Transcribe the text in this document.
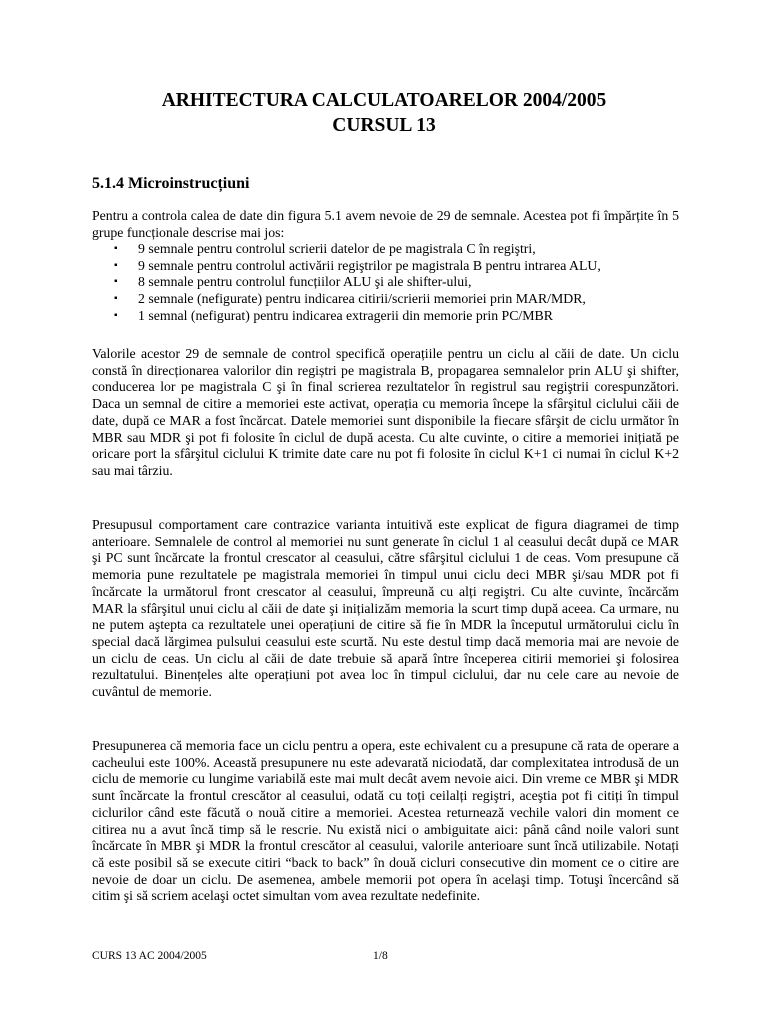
ARHITECTURA CALCULATOARELOR 2004/2005
CURSUL 13
5.1.4 Microinstrucțiuni

Pentru a controla calea de date din figura 5.1 avem nevoie de 29 de semnale. Acestea pot fi împărțite în 5 grupe funcționale descrise mai jos:

▪ 9 semnale pentru controlul scrierii datelor de pe magistrala C în regiştri,
▪ 9 semnale pentru controlul activării regiştrilor pe magistrala B pentru intrarea ALU,
▪ 8 semnale pentru controlul funcțiilor ALU şi ale shifter-ului,
▪ 2 semnale (nefigurate) pentru indicarea citirii/scrierii memoriei prin MAR/MDR,
▪ 1 semnal (nefigurat) pentru indicarea extragerii din memorie prin PC/MBR

Valorile acestor 29 de semnale de control specifică operațiile pentru un ciclu al căii de date. Un ciclu constă în direcționarea valorilor din regiștri pe magistrala B, propagarea semnalelor prin ALU şi shifter, conducerea lor pe magistrala C şi în final scrierea rezultatelor în registrul sau regiştrii corespunzători. Daca un semnal de citire a memoriei este activat, operația cu memoria începe la sfârşitul ciclului căii de date, după ce MAR a fost încărcat. Datele memoriei sunt disponibile la fiecare sfârşit de ciclu următor în MBR sau MDR şi pot fi folosite în ciclul de după acesta. Cu alte cuvinte, o citire a memoriei inițiată pe oricare port la sfârşitul ciclului K trimite date care nu pot fi folosite în ciclul K+1 ci numai în ciclul K+2 sau mai târziu.

Presupusul comportament care contrazice varianta intuitivă este explicat de figura diagramei de timp anterioare. Semnalele de control al memoriei nu sunt generate în ciclul 1 al ceasului decât după ce MAR şi PC sunt încărcate la frontul crescator al ceasului, către sfârşitul ciclului 1 de ceas. Vom presupune că memoria pune rezultatele pe magistrala memoriei în timpul unui ciclu deci MBR şi/sau MDR pot fi încărcate la următorul front crescator al ceasului, împreună cu alți regiştri. Cu alte cuvinte, încărcăm MAR la sfârşitul unui ciclu al căii de date şi inițializăm memoria la scurt timp după aceea. Ca urmare, nu ne putem aştepta ca rezultatele unei operațiuni de citire să fie în MDR la începutul următorului ciclu în special dacă lărgimea pulsului ceasului este scurtă. Nu este destul timp dacă memoria mai are nevoie de un ciclu de ceas. Un ciclu al căii de date trebuie să apară între începerea citirii memoriei şi folosirea rezultatului. Binențeles alte operațiuni pot avea loc în timpul ciclului, dar nu cele care au nevoie de cuvântul de memorie.

Presupunerea că memoria face un ciclu pentru a opera, este echivalent cu a presupune că rata de operare a cacheului este 100%. Această presupunere nu este adevarată niciodată, dar complexitatea introdusă de un ciclu de memorie cu lungime variabilă este mai mult decât avem nevoie aici. Din vreme ce MBR şi MDR sunt încărcate la frontul crescător al ceasului, odată cu toți ceilalți regiştri, aceştia pot fi citiți în timpul ciclurilor când este făcută o nouă citire a memoriei. Acestea returnează vechile valori din moment ce citirea nu a avut încă timp să le rescrie. Nu există nici o ambiguitate aici: până când noile valori sunt încărcate în MBR şi MDR la frontul crescător al ceasului, valorile anterioare sunt încă utilizabile. Notați că este posibil să se execute citiri “back to back” în două cicluri consecutive din moment ce o citire are nevoie de doar un ciclu. De asemenea, ambele memorii pot opera în acelaşi timp. Totuşi încercând să citim şi să scriem acelaşi octet simultan vom avea rezultate nedefinite.

CURS 13 AC 2004/2005	1/8
